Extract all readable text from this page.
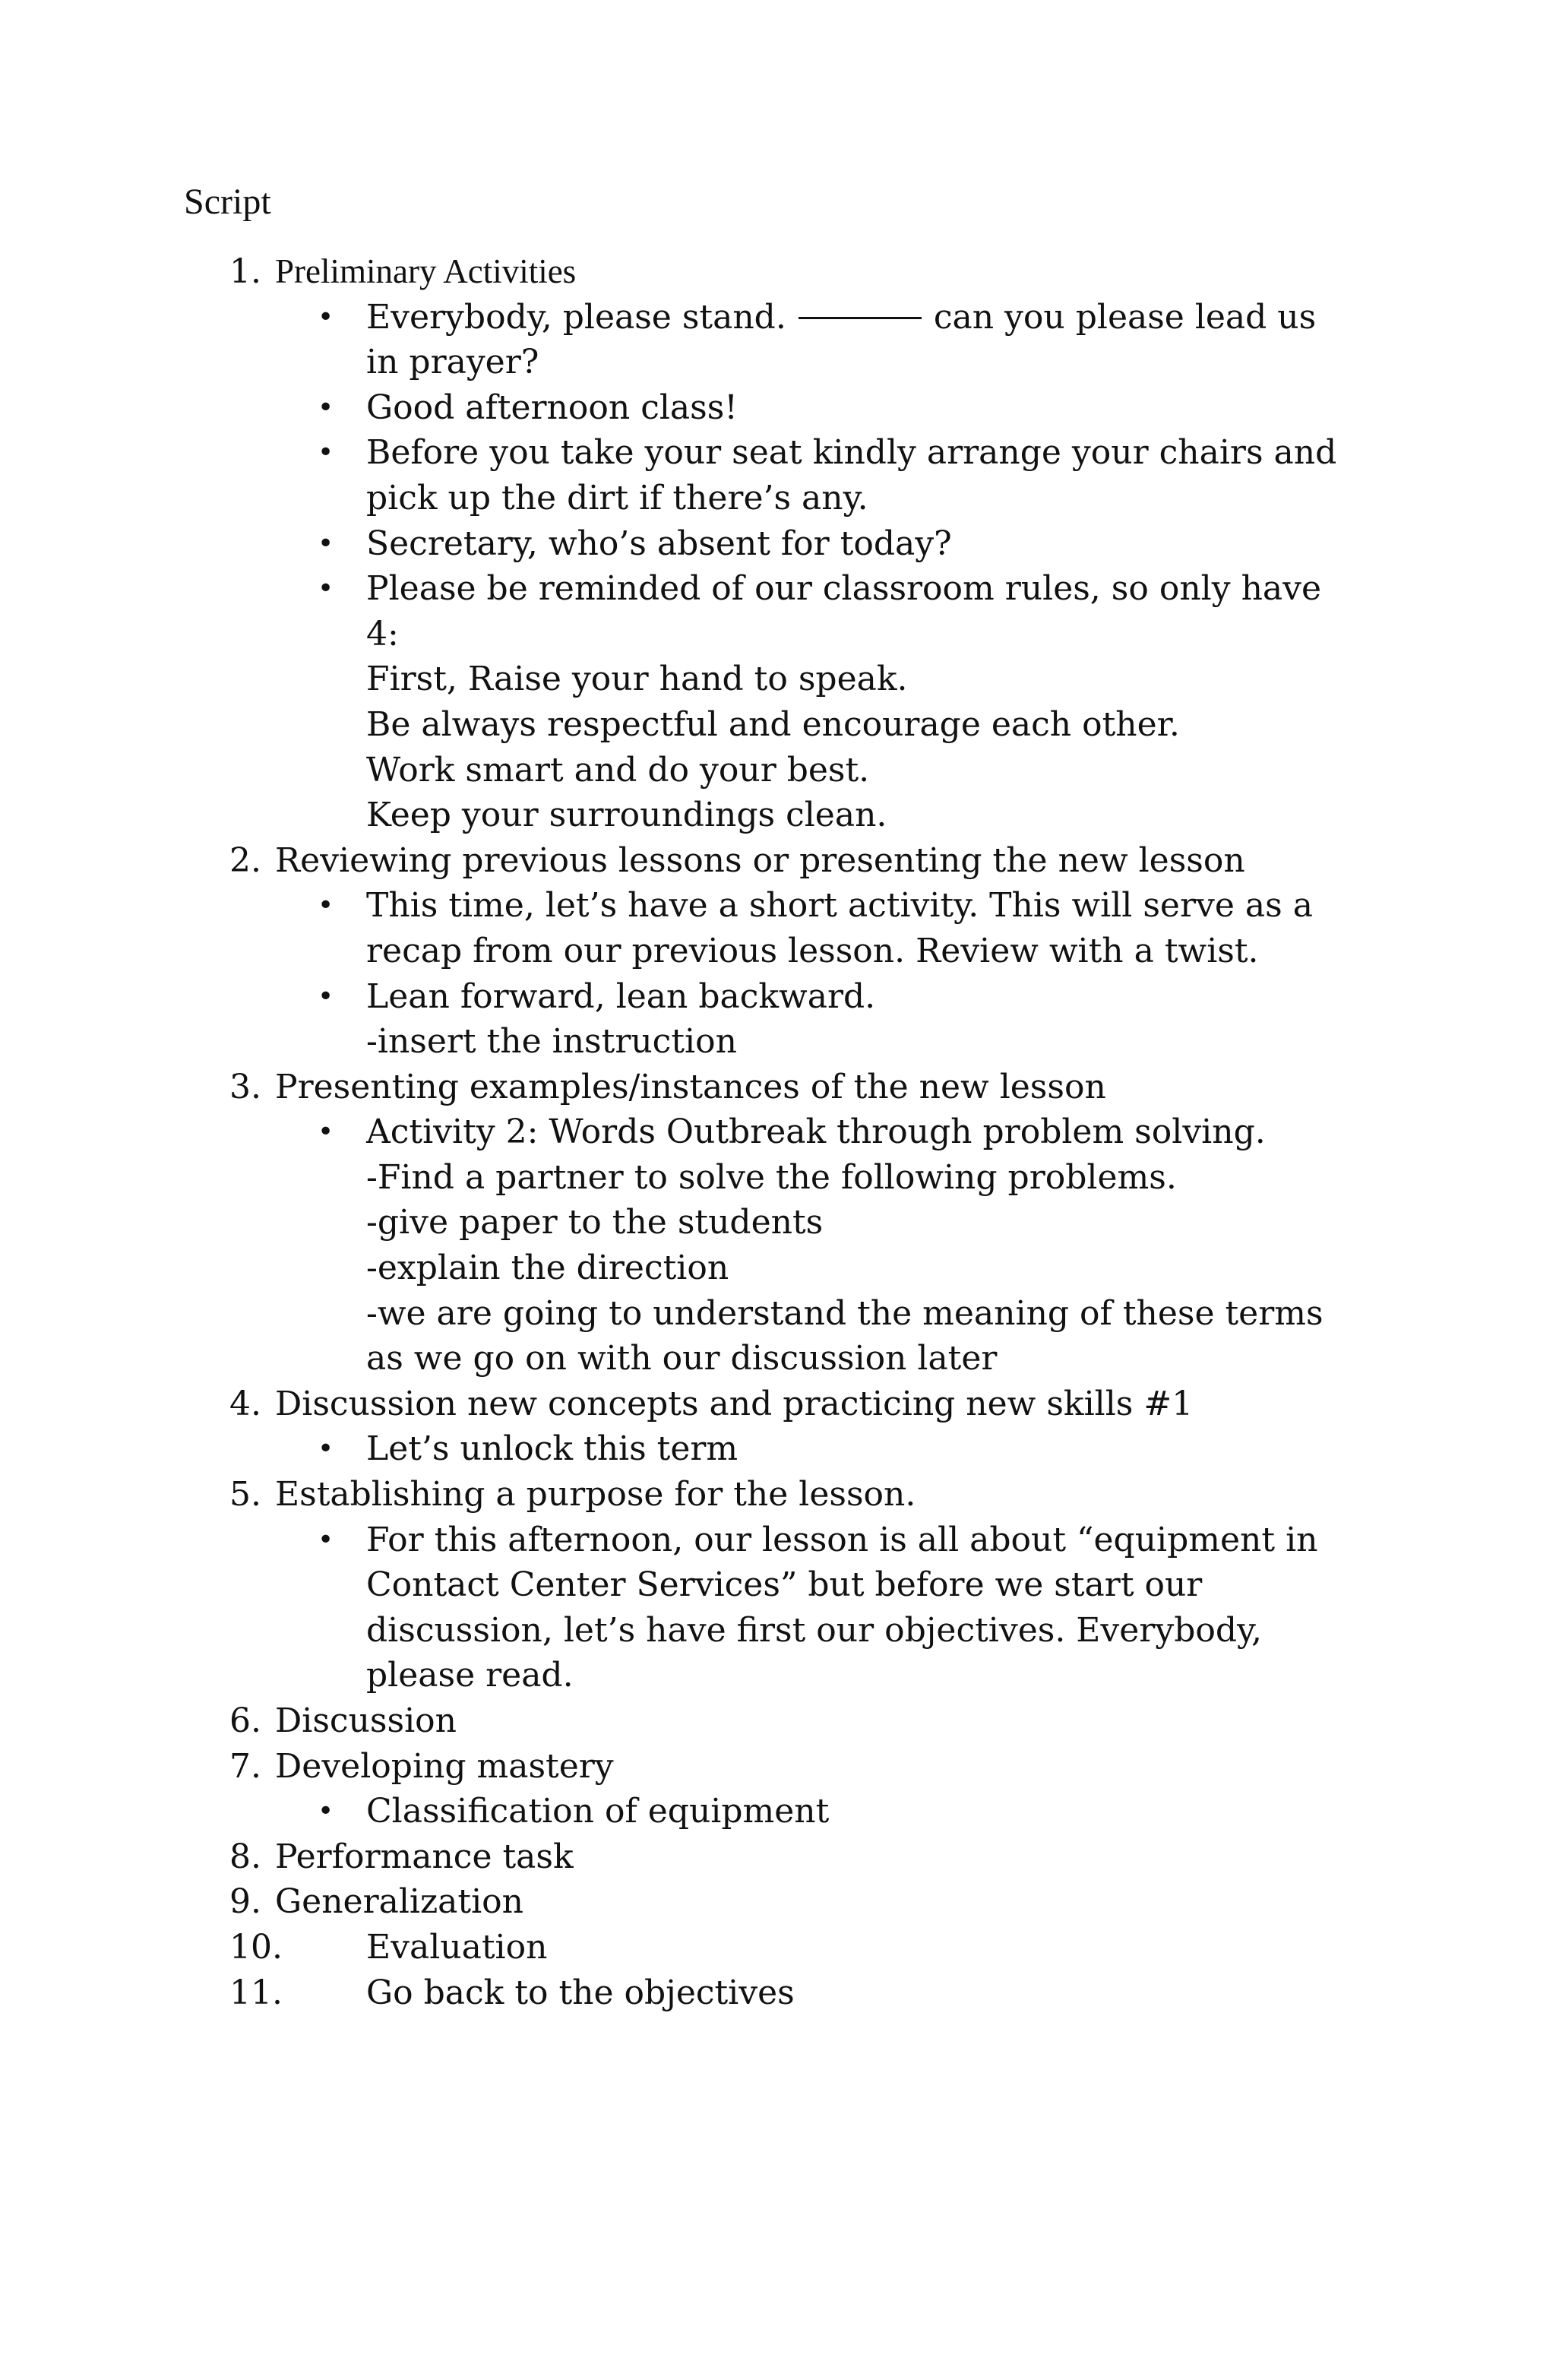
Script
1. Preliminary Activities
• Everybody, please stand.	can you please lead us
in prayer?
• Good afternoon class!
• Before you take your seat kindly arrange your chairs and
pick up the dirt if there’s any.
• Secretary, who’s absent for today?
• Please be reminded of our classroom rules, so only have
4:
First, Raise your hand to speak.
Be always respectful and encourage each other.
Work smart and do your best.
Keep your surroundings clean.
2. Reviewing previous lessons or presenting the new lesson
• This time, let’s have a short activity. This will serve as a
recap from our previous lesson. Review with a twist.
• Lean forward, lean backward.
-insert the instruction
3. Presenting examples/instances of the new lesson
• Activity 2: Words Outbreak through problem solving.
-Find a partner to solve the following problems.
-give paper to the students
-explain the direction
-we are going to understand the meaning of these terms
as we go on with our discussion later
4. Discussion new concepts and practicing new skills #1
• Let’s unlock this term
5. Establishing a purpose for the lesson.
• For this afternoon, our lesson is all about “equipment in
Contact Center Services” but before we start our
discussion, let’s have first our objectives. Everybody,
please read.
6. Discussion
7. Developing mastery
• Classification of equipment
8. Performance task
9. Generalization
10.	Evaluation
11.	Go back to the objectives
